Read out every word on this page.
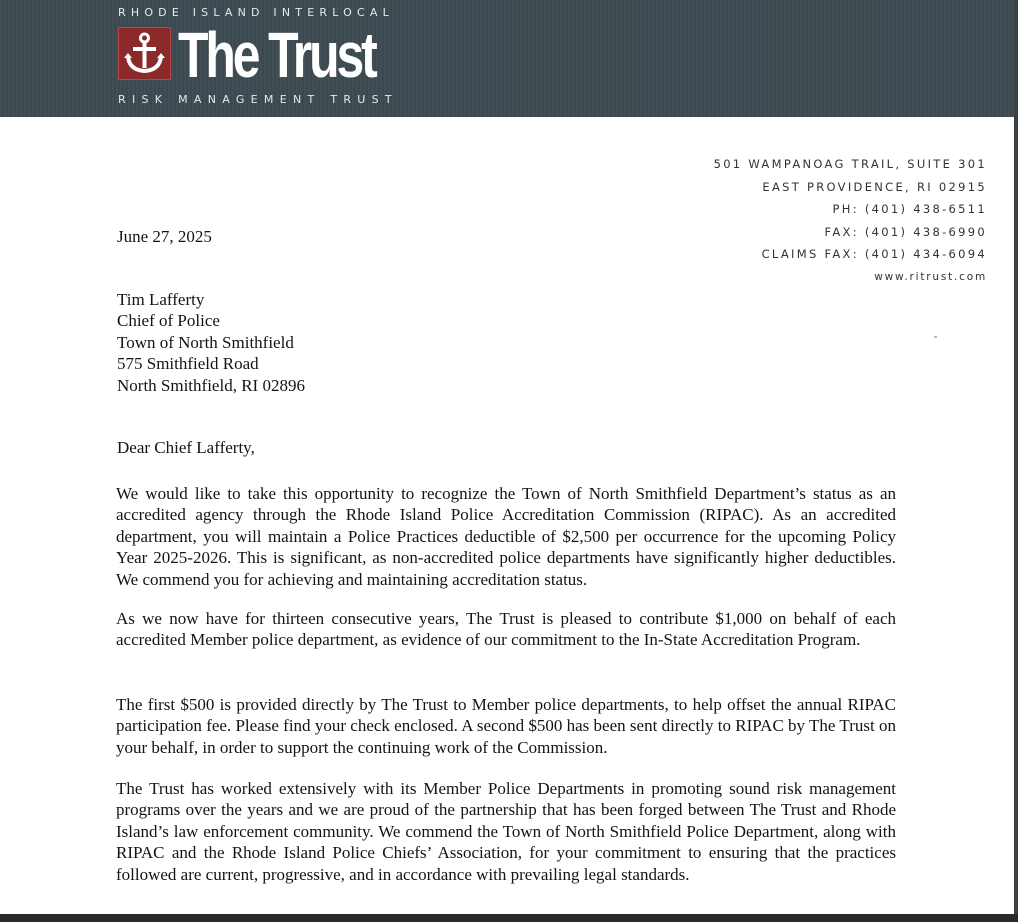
RHODE ISLAND INTERLOCAL
The Trust
RISK MANAGEMENT TRUST
501 WAMPANOAG TRAIL, SUITE 301
EAST PROVIDENCE, RI 02915
PH: (401) 438-6511
FAX: (401) 438-6990
CLAIMS FAX: (401) 434-6094
www.ritrust.com
June 27, 2025
Tim Lafferty
Chief of Police
Town of North Smithfield
575 Smithfield Road
North Smithfield, RI 02896
Dear Chief Lafferty,

We would like to take this opportunity to recognize the Town of North Smithfield Department’s status as an accredited agency through the Rhode Island Police Accreditation Commission (RIPAC). As an accredited department, you will maintain a Police Practices deductible of $2,500 per occurrence for the upcoming Policy Year 2025-2026. This is significant, as non-accredited police departments have significantly higher deductibles. We commend you for achieving and maintaining accreditation status.

As we now have for thirteen consecutive years, The Trust is pleased to contribute $1,000 on behalf of each accredited Member police department, as evidence of our commitment to the In-State Accreditation Program.

The first $500 is provided directly by The Trust to Member police departments, to help offset the annual RIPAC participation fee. Please find your check enclosed. A second $500 has been sent directly to RIPAC by The Trust on your behalf, in order to support the continuing work of the Commission.

The Trust has worked extensively with its Member Police Departments in promoting sound risk management programs over the years and we are proud of the partnership that has been forged between The Trust and Rhode Island’s law enforcement community. We commend the Town of North Smithfield Police Department, along with RIPAC and the Rhode Island Police Chiefs’ Association, for your commitment to ensuring that the practices followed are current, progressive, and in accordance with prevailing legal standards.
